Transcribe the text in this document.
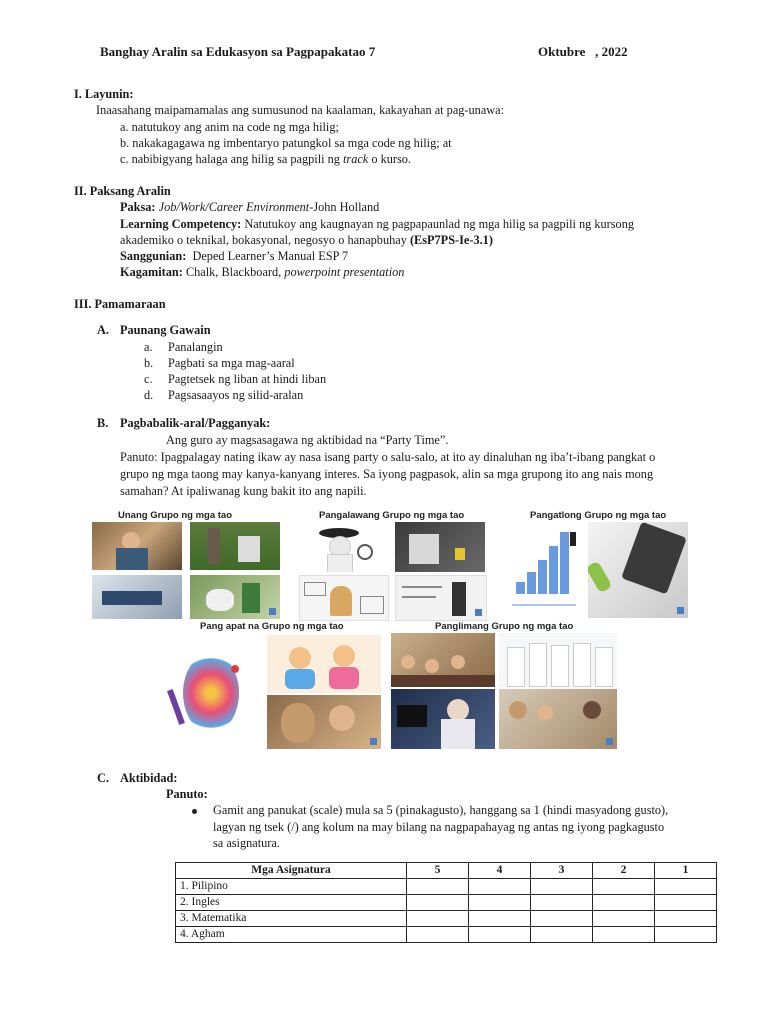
Banghay Aralin sa Edukasyon sa Pagpapakatao 7	Oktubre   , 2022
I. Layunin:
Inaasahang maipamamalas ang sumusunod na kaalaman, kakayahan at pag-unawa:
a. natutukoy ang anim na code ng mga hilig;
b. nakakagagawa ng imbentaryo patungkol sa mga code ng hilig; at
c. nabibigyang halaga ang hilig sa pagpili ng track o kurso.
II. Paksang Aralin
Paksa: Job/Work/Career Environment-John Holland
Learning Competency: Natutukoy ang kaugnayan ng pagpapaunlad ng mga hilig sa pagpili ng kursong
akademiko o teknikal, bokasyonal, negosyo o hanapbuhay (EsP7PS-Ie-3.1)
Sanggunian:  Deped Learner’s Manual ESP 7
Kagamitan: Chalk, Blackboard, powerpoint presentation
III. Pamamaraan
A. Paunang Gawain
a. Panalangin
b. Pagbati sa mga mag-aaral
c. Pagtetsek ng liban at hindi liban
d. Pagsasaayos ng silid-aralan
B. Pagbabalik-aral/Pagganyak:
Ang guro ay magsasagawa ng aktibidad na “Party Time”.
Panuto: Ipagpalagay nating ikaw ay nasa isang party o salu-salo, at ito ay dinaluhan ng iba’t-ibang pangkat o
grupo ng mga taong may kanya-kanyang interes. Sa iyong pagpasok, alin sa mga grupong ito ang nais mong
samahan? At ipaliwanag kung bakit ito ang napili.
Unang Grupo ng mga tao	Pangalawang Grupo ng mga tao	Pangatlong Grupo ng mga tao
Pang apat na Grupo ng mga tao	Panglimang Grupo ng mga tao
C. Aktibidad:
Panuto:
Gamit ang panukat (scale) mula sa 5 (pinakagusto), hanggang sa 1 (hindi masyadong gusto),
lagyan ng tsek (/) ang kolum na may bilang na nagpapahayag ng antas ng iyong pagkagusto
sa asignatura.
Mga Asignatura	5	4	3	2	1
1. Pilipino					
2. Ingles					
3. Matematika					
4. Agham					
